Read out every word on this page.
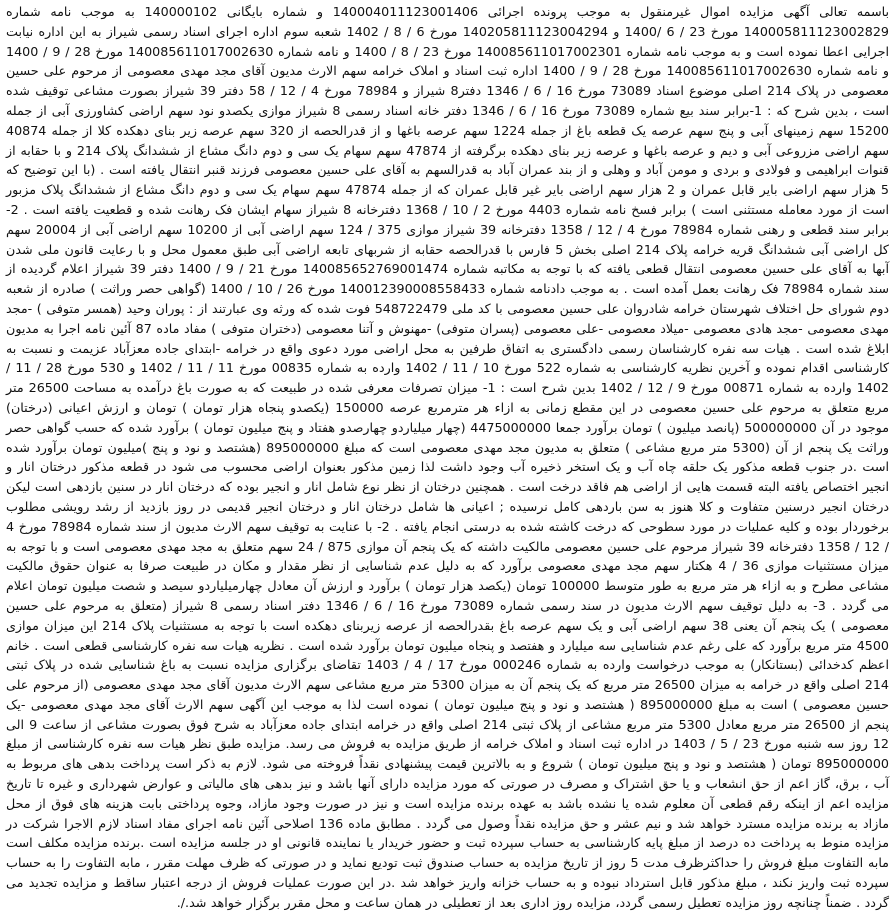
باسمه تعالی آگهی مزایده اموال غیرمنقول به موجب پرونده اجرائی 140004011123001406 و شماره بایگانی 140000102 به موجب نامه شماره 140005811123002829 مورخ 23 / 6 /1400 و 140205811123004294 مورخ 6 / 8 / 1402 شعبه سوم اداره اجرای اسناد رسمی شیراز به این اداره نیابت اجرایی اعطا نموده است و به موجب نامه شماره 140085611017002301 مورخ 23 / 8 / 1400 و نامه شماره 140085611017002630 مورخ 28 / 9 / 1400 و نامه شماره 140085611017002630 مورخ 28 / 9 / 1400 اداره ثبت اسناد و املاک خرامه سهم الارث مدیون آقای مجد مهدی معصومی از مرحوم علی حسین معصومی در پلاک 214 اصلی موضوع اسناد 73089 مورخ 16 / 6 / 1346 دفتر8 شیراز و 78984 مورخ 4 / 12 / 58 دفتر 39 شیراز بصورت مشاعی توقیف شده است ، بدین شرح که : 1-برابر سند بیع شماره 73089 مورخ 16 / 6 / 1346 دفتر خانه اسناد رسمی 8 شیراز موازی یکصدو نود سهم اراضی کشاورزی آبی از جمله 15200 سهم زمینهای آبی و پنج سهم عرصه یک قطعه باغ از جمله 1224 سهم عرصه باغها و از قدرالحصه از 320 سهم عرصه زیر بنای دهکده کلا از جمله 40874 سهم اراضی مزروعی آبی و دیم و عرصه باغها و عرصه زیر بنای دهکده برگرفته از 47874 سهم سهام یک سی و دوم دانگ مشاع از ششدانگ پلاک 214 و با حقابه از قنوات ابراهیمی و فولادی و بردی و مومن آباد و وهلی و از بند عمران آباد به قدرالسهم به آقای علی حسین معصومی فرزند قنبر انتقال یافته است . (با این توضیح که 5 هزار سهم اراضی بایر قابل عمران و 2 هزار سهم اراضی بایر غیر قابل عمران که از جمله 47874 سهم سهام یک سی و دوم دانگ مشاع از ششدانگ پلاک مزبور است از مورد معامله مستثنی است ) برابر فسخ نامه شماره 4403 مورخ 2 / 10 / 1368 دفترخانه 8 شیراز سهام ایشان فک رهانت شده و قطعیت یافته است . 2-برابر سند قطعی و رهنی شماره 78984 مورخ 4 / 12 / 1358 دفترخانه 39 شیراز موازی 375 / 124 سهم اراضی آبی از 10200 سهم اراضی آبی از 20004 سهم کل اراضی آبی ششدانگ قریه خرامه پلاک 214 اصلی بخش 5 فارس با قدرالحصه حقابه از شربهای تابعه اراضی آبی طبق معمول محل و با رعایت قانون ملی شدن آبها به آقای علی حسین معصومی انتقال قطعی یافته که با توجه به مکاتبه شماره 140085652769001474 مورخ 21 / 9 / 1400 دفتر 39 شیراز اعلام گردیده از سند شماره 78984 فک رهانت بعمل آمده است . به موجب دادنامه شماره 140012390008558433 مورخ 26 / 10 / 1400 (گواهی حصر وراثت ) صادره از شعبه دوم شورای حل اختلاف شهرستان خرامه شادروان علی حسین معصومی با کد ملی 548722479 فوت شده که ورثه وی عبارتند از : پوران وحید (همسر متوفی ) -مجد مهدی معصومی -مجد هادی معصومی -میلاد معصومی -علی معصومی (پسران متوفی) -مهنوش و آتنا معصومی (دختران متوفی ) مفاد ماده 87 آئین نامه اجرا به مدیون ابلاغ شده است . هیات سه نفره کارشناسان رسمی دادگستری به اتفاق طرفین به محل اراضی مورد دعوی واقع در خرامه -ابتدای جاده معزآباد عزیمت و نسبت به کارشناسی اقدام نموده و آخرین نظریه کارشناسی به شماره 522 مورخ 10 / 11 / 1402 وارده به شماره 00835 مورخ 11 / 11 / 1402 و 530 مورخ 28 / 11 / 1402 وارده به شماره 00871 مورخ 9 / 12 / 1402 بدین شرح است : 1- میزان تصرفات معرفی شده در طبیعت که به صورت باغ درآمده به مساحت 26500 متر مربع متعلق به مرحوم علی حسین معصومی در این مقطع زمانی به ازاء هر مترمربع عرصه 150000 (یکصدو پنجاه هزار تومان ) تومان و ارزش اعیانی (درختان) موجود در آن 500000000 (پانصد میلیون ) تومان برآورد جمعا 4475000000 (چهار میلیاردو چهارصدو هفتاد و پنج میلیون تومان ) برآورد شده که حسب گواهی حصر وراثت یک پنجم از آن (5300 متر مربع مشاعی ) متعلق به مدیون مجد مهدی معصومی است که مبلغ 895000000 (هشتصد و نود و پنج )میلیون تومان برآورد شده است .در جنوب قطعه مذکور یک حلقه چاه آب و یک استخر ذخیره آب وجود داشت لذا زمین مذکور بعنوان اراضی محسوب می شود در قطعه مذکور درختان انار و انجیر اختصاص یافته البته قسمت هایی از اراضی هم فاقد درخت است . همچنین درختان از نظر نوع شامل انار و انجیر بوده که درختان انار در سنین بازدهی است لیکن درختان انجیر درسنین متفاوت و کلا هنوز به سن باردهی کامل نرسیده ; اعیانی ها شامل درختان انار و درختان انجیر قدیمی در روز بازدید از رشد رویشی مطلوب برخوردار بوده و کلیه عملیات در مورد سطوحی که درخت کاشته شده به درستی انجام یافته . 2- با عنایت به توقیف سهم الارث مدیون از سند شماره 78984 مورخ 4 / 12 / 1358 دفترخانه 39 شیراز مرحوم علی حسین معصومی مالکیت داشته که یک پنجم آن موازی 875 / 24 سهم متعلق به مجد مهدی معصومی است و با توجه به میزان مستثنیات موازی 36 / 4 هکتار سهم مجد مهدی معصومی برآورد که به دلیل عدم شناسایی از نظر مقدار و مکان در طبیعت صرفا به عنوان حقوق مالکیت مشاعی مطرح و به ازاء هر متر مربع به طور متوسط 100000 تومان (یکصد هزار تومان ) برآورد و ارزش آن معادل چهارمیلیاردو سیصد و شصت میلیون تومان اعلام می گردد . 3- به دلیل توقیف سهم الارث مدیون در سند رسمی شماره 73089 مورخ 16 / 6 / 1346 دفتر اسناد رسمی 8 شیراز (متعلق به مرحوم علی حسین معصومی ) یک پنجم آن یعنی 38 سهم اراضی آبی و یک سهم عرصه باغ بقدرالحصه از عرصه زیربنای دهکده است با توجه به مستثنیات پلاک 214 این میزان موازی 4500 متر مربع برآورد که علی رغم عدم شناسایی سه میلیارد و هفتصد و پنجاه میلیون تومان برآورد شده است . نظریه هیات سه نفره کارشناسی قطعی است . خانم اعظم کدخدائی (بستانکار) به موجب درخواست وارده به شماره 000246 مورخ 17 / 4 / 1403 تقاضای برگزاری مزایده نسبت به باغ شناسایی شده در پلاک ثبتی 214 اصلی واقع در خرامه به میزان 26500 متر مربع که یک پنجم آن به میزان 5300 متر مربع مشاعی سهم الارث مدیون آقای مجد مهدی معصومی (از مرحوم علی حسین معصومی ) است به مبلغ 895000000 ( هشتصد و نود و پنج میلیون تومان ) نموده است لذا به موجب این آگهی سهم الارث آقای مجد مهدی معصومی -یک پنجم از 26500 متر مربع معادل 5300 متر مربع مشاعی از پلاک ثبتی 214 اصلی واقع در خرامه ابتدای جاده معزآباد به شرح فوق بصورت مشاعی از ساعت 9 الی 12 روز سه شنبه مورخ 23 / 5 / 1403 در اداره ثبت اسناد و املاک خرامه از طریق مزایده به فروش می رسد. مزایده طبق نظر هیات سه نفره کارشناسی از مبلغ 895000000 تومان ( هشتصد و نود و پنج میلیون تومان ) شروع و به بالاترین قیمت پیشنهادی نقداً فروخته می شود. لازم به ذکر است پرداخت بدهی های مربوط به آب ، برق، گاز اعم از حق انشعاب و یا حق اشتراک و مصرف در صورتی که مورد مزایده دارای آنها باشد و نیز بدهی های مالیاتی و عوارض شهرداری و غیره تا تاریخ مزایده اعم از اینکه رقم قطعی آن معلوم شده یا نشده باشد به عهده برنده مزایده است و نیز در صورت وجود مازاد، وجوه پرداختی بابت هزینه های فوق از محل مازاد به برنده مزایده مسترد خواهد شد و نیم عشر و حق مزایده نقداً وصول می گردد . مطابق ماده 136 اصلاحی آئین نامه اجرای مفاد اسناد لازم الاجرا شرکت در مزایده منوط به پرداخت ده درصد از مبلغ پایه کارشناسی به حساب سپرده ثبت و حضور خریدار یا نماینده قانونی او در جلسه مزایده است .برنده مزایده مکلف است مابه التفاوت مبلغ فروش را حداکثرظرف مدت 5 روز از تاریخ مزایده به حساب صندوق ثبت تودیع نماید و در صورتی که ظرف مهلت مقرر ، مابه التفاوت را به حساب سپرده ثبت واریز نکند ، مبلغ مذکور قابل استرداد نبوده و به حساب خزانه واریز خواهد شد .در این صورت عملیات فروش از درجه اعتبار ساقط و مزایده تجدید می گردد . ضمناً چنانچه روز مزایده تعطیل رسمی گردد، مزایده روز اداری بعد از تعطیلی در همان ساعت و محل مقرر برگزار خواهد شد./.
